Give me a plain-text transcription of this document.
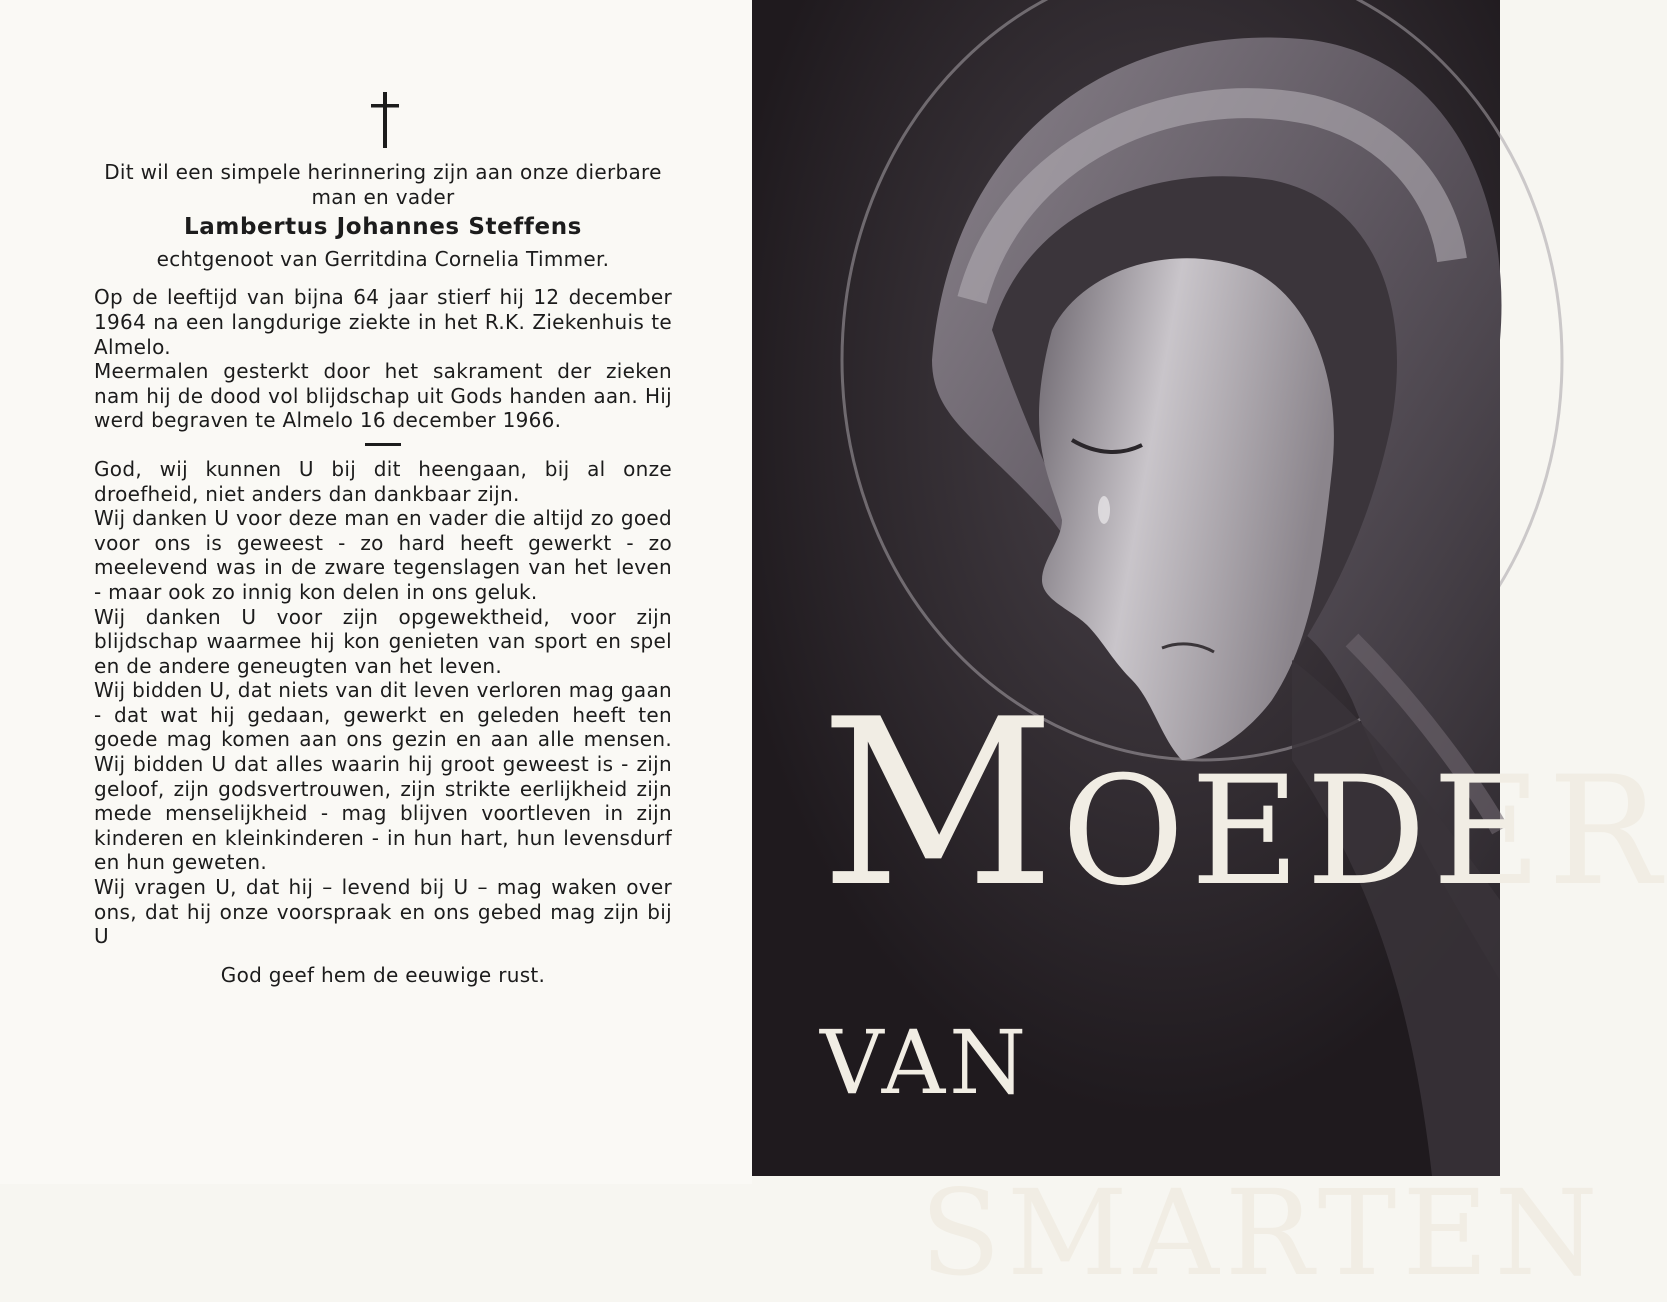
Dit wil een simpele herinnering zijn aan onze dierbare man en vader
Lambertus Johannes Steffens
echtgenoot van Gerritdina Cornelia Timmer.
Op de leeftijd van bijna 64 jaar stierf hij 12 december 1964 na een langdurige ziekte in het R.K. Ziekenhuis te Almelo.
Meermalen gesterkt door het sakrament der zieken nam hij de dood vol blijdschap uit Gods handen aan. Hij werd begraven te Almelo 16 december 1966.
God, wij kunnen U bij dit heengaan, bij al onze droefheid, niet anders dan dankbaar zijn.
Wij danken U voor deze man en vader die altijd zo goed voor ons is geweest - zo hard heeft gewerkt - zo meelevend was in de zware tegenslagen van het leven - maar ook zo innig kon delen in ons geluk.
Wij danken U voor zijn opgewektheid, voor zijn blijdschap waarmee hij kon genieten van sport en spel en de andere geneugten van het leven.
Wij bidden U, dat niets van dit leven verloren mag gaan - dat wat hij gedaan, gewerkt en geleden heeft ten goede mag komen aan ons gezin en aan alle mensen. Wij bidden U dat alles waarin hij groot geweest is - zijn geloof, zijn godsvertrouwen, zijn strikte eerlijkheid zijn mede menselijkheid - mag blijven voortleven in zijn kinderen en kleinkinderen - in hun hart, hun levensdurf en hun geweten.
Wij vragen U, dat hij – levend bij U – mag waken over ons, dat hij onze voorspraak en ons gebed mag zijn bij U
God geef hem de eeuwige rust.
MOEDER VAN
SMARTEN
